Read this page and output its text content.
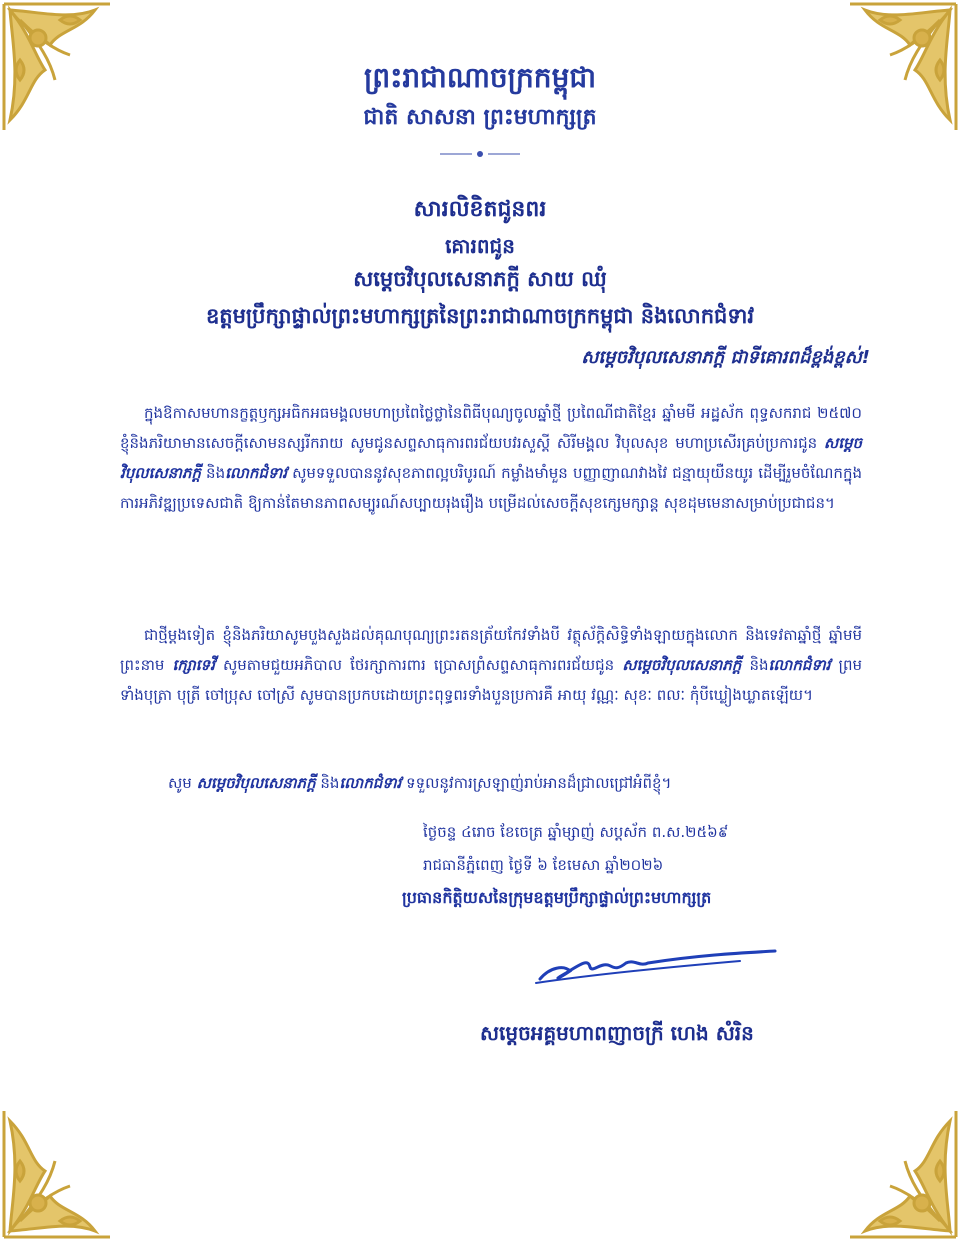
ព្រះរាជាណាចក្រកម្ពុជា
ជាតិ សាសនា ព្រះមហាក្សត្រ
សារលិខិតជូនពរ
គោរពជូន
សម្ដេចវិបុលសេនាភក្ដី សាយ ឈុំ
ឧត្តមប្រឹក្សាផ្ទាល់ព្រះមហាក្សត្រនៃព្រះរាជាណាចក្រកម្ពុជា និងលោកជំទាវ
សម្ដេចវិបុលសេនាភក្ដី ជាទីគោរពដ៏ខ្ពង់ខ្ពស់!
ក្នុងឱកាសមហានក្ខត្តឫក្សអធិកអធមង្គលមហាប្រពៃថ្លៃថ្លានៃពិធីបុណ្យចូលឆ្នាំថ្មី ប្រពៃណីជាតិខ្មែរ ឆ្នាំមមី អដ្ឋស័ក ពុទ្ធសករាជ ២៥៧០ ខ្ញុំនិងភរិយាមានសេចក្ដីសោមនស្សរីករាយ សូមជូនសព្ទសាធុការពរជ័យបវរសួស្ដី សិរីមង្គល វិបុលសុខ មហាប្រសើរគ្រប់ប្រការជូន សម្ដេចវិបុលសេនាភក្ដី និងលោកជំទាវ សូមទទួលបាននូវសុខភាពល្អបរិបូរណ៍ កម្លាំងមាំមួន បញ្ញាញាណវាងវៃ ជន្មាយុយឺនយូរ ដើម្បីរួមចំណែកក្នុងការអភិវឌ្ឍប្រទេសជាតិ ឱ្យកាន់តែមានភាពសម្បូរណ៍សប្បាយរុងរឿង បម្រើដល់សេចក្ដីសុខក្សេមក្សាន្ត សុខដុមមេនាសម្រាប់ប្រជាជន។
ជាថ្មីម្ដងទៀត ខ្ញុំនិងភរិយាសូមបួងសួងដល់គុណបុណ្យព្រះរតនត្រ័យកែវទាំងបី វត្ថុស័ក្ដិសិទ្ធិទាំងឡាយក្នុងលោក និងទេវតាឆ្នាំថ្មី ឆ្នាំមមី ព្រះនាម ក្សោទេវី សូមតាមជួយអភិបាល ថែរក្សាការពារ ប្រោសព្រំសព្ទសាធុការពរជ័យជូន សម្ដេចវិបុលសេនាភក្ដី និងលោកជំទាវ ព្រមទាំងបុត្រា បុត្រី ចៅប្រុស ចៅស្រី សូមបានប្រកបដោយព្រះពុទ្ធពរទាំងបួនប្រការគឺ អាយុ វណ្ណៈ សុខៈ ពលៈ កុំបីឃ្លៀងឃ្លាតឡើយ។
សូម សម្ដេចវិបុលសេនាភក្ដី និងលោកជំទាវ ទទួលនូវការស្រឡាញ់រាប់អានដ៏ជ្រាលជ្រៅអំពីខ្ញុំ។
ថ្ងៃចន្ទ ៤រោច ខែចេត្រ ឆ្នាំម្សាញ់ សប្តស័ក ព.ស.២៥៦៩
រាជធានីភ្នំពេញ ថ្ងៃទី ៦ ខែមេសា ឆ្នាំ២០២៦
ប្រធានកិត្តិយសនៃក្រុមឧត្តមប្រឹក្សាផ្ទាល់ព្រះមហាក្សត្រ
សម្ដេចអគ្គមហាពញាចក្រី ហេង សំរិន
